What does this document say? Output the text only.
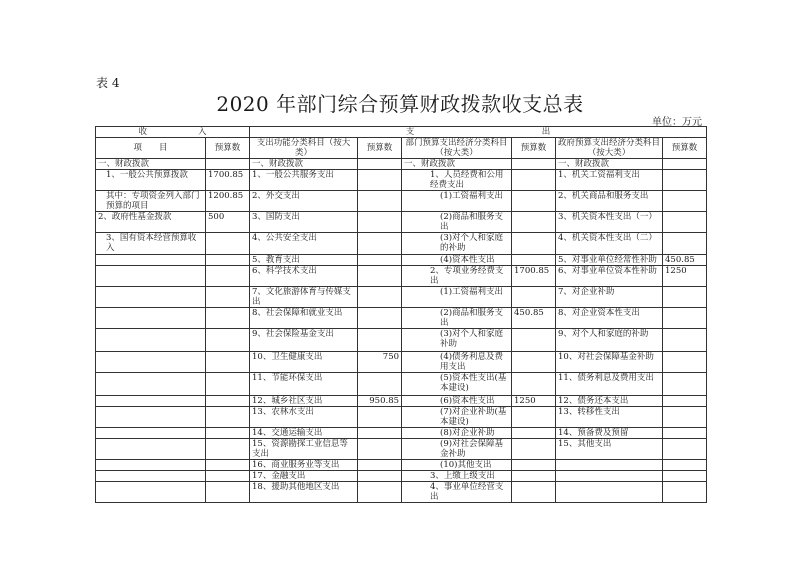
表 4
2020 年部门综合预算财政拨款收支总表
单位：万元
收　　　　　　入		支　　　　　　　　　　　　　　　出					
项　　目	预算数	支出功能分类科目（按大类）	预算数	部门预算支出经济分类科目（按大类）	预算数	政府预算支出经济分类科目（按大类）	预算数
一、财政拨款		一、财政拨款		一、财政拨款		一、财政拨款	
1、一般公共预算拨款	1700.85	1、一般公共服务支出		1、人员经费和公用经费支出		1、机关工资福利支出	
其中：专项资金列入部门预算的项目	1200.85	2、外交支出		(1)工资福利支出		2、机关商品和服务支出	
2、政府性基金拨款	500	3、国防支出		(2)商品和服务支出		3、机关资本性支出（一）	
3、国有资本经营预算收入		4、公共安全支出		(3)对个人和家庭的补助		4、机关资本性支出（二）	
		5、教育支出		(4)资本性支出		5、对事业单位经常性补助	450.85
		6、科学技术支出		2、专项业务经费支出	1700.85	6、对事业单位资本性补助	1250
		7、文化旅游体育与传媒支出		(1)工资福利支出		7、对企业补助	
		8、社会保障和就业支出		(2)商品和服务支出	450.85	8、对企业资本性支出	
		9、社会保险基金支出		(3)对个人和家庭补助		9、对个人和家庭的补助	
		10、卫生健康支出	750	(4)债务利息及费用支出		10、对社会保障基金补助	
		11、节能环保支出		(5)资本性支出(基本建设)		11、债务利息及费用支出	
		12、城乡社区支出	950.85	(6)资本性支出	1250	12、债务还本支出	
		13、农林水支出		(7)对企业补助(基本建设)		13、转移性支出	
		14、交通运输支出		(8)对企业补助		14、预备费及预留	
		15、资源勘探工业信息等支出		(9)对社会保障基金补助		15、其他支出	
		16、商业服务业等支出		(10)其他支出			
		17、金融支出		3、上缴上级支出			
		18、援助其他地区支出		4、事业单位经营支出			
